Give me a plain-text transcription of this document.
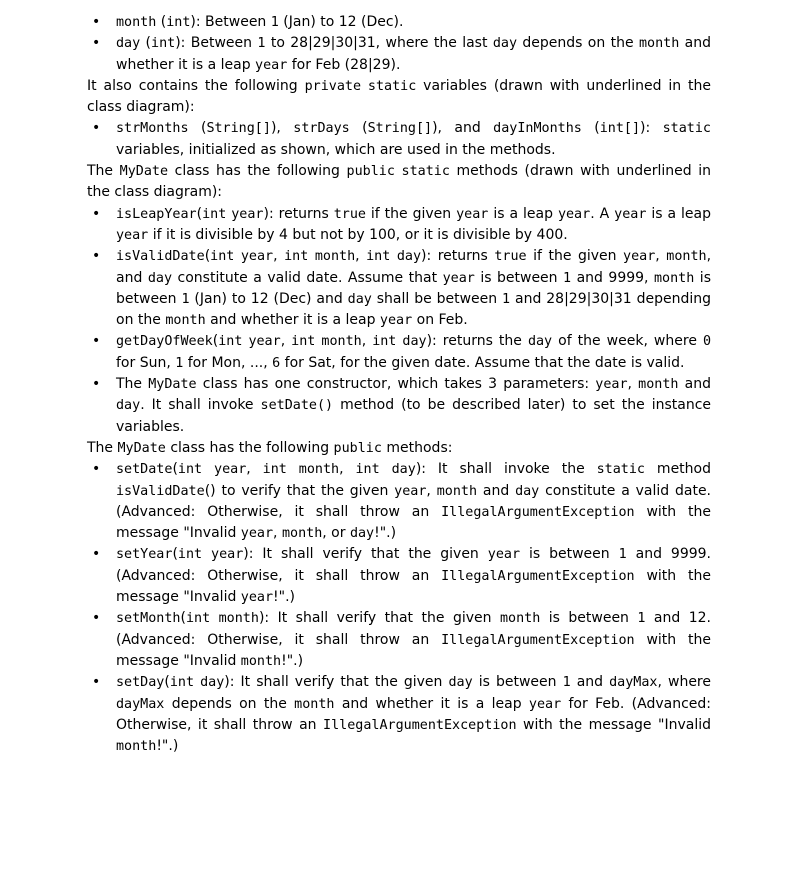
• month (int): Between 1 (Jan) to 12 (Dec).
• day (int): Between 1 to 28|29|30|31, where the last day depends on the month and whether it is a leap year for Feb (28|29).

It also contains the following private static variables (drawn with underlined in the class diagram):

• strMonths (String[]), strDays (String[]), and dayInMonths (int[]): static variables, initialized as shown, which are used in the methods.

The MyDate class has the following public static methods (drawn with underlined in the class diagram):

• isLeapYear(int year): returns true if the given year is a leap year. A year is a leap year if it is divisible by 4 but not by 100, or it is divisible by 400.
• isValidDate(int year, int month, int day): returns true if the given year, month, and day constitute a valid date. Assume that year is between 1 and 9999, month is between 1 (Jan) to 12 (Dec) and day shall be between 1 and 28|29|30|31 depending on the month and whether it is a leap year on Feb.
• getDayOfWeek(int year, int month, int day): returns the day of the week, where 0 for Sun, 1 for Mon, ..., 6 for Sat, for the given date. Assume that the date is valid.
• The MyDate class has one constructor, which takes 3 parameters: year, month and day. It shall invoke setDate() method (to be described later) to set the instance variables.

The MyDate class has the following public methods:

• setDate(int year, int month, int day): It shall invoke the static method isValidDate() to verify that the given year, month and day constitute a valid date. (Advanced: Otherwise, it shall throw an IllegalArgumentException with the message "Invalid year, month, or day!".)
• setYear(int year): It shall verify that the given year is between 1 and 9999. (Advanced: Otherwise, it shall throw an IllegalArgumentException with the message "Invalid year!".)
• setMonth(int month): It shall verify that the given month is between 1 and 12. (Advanced: Otherwise, it shall throw an IllegalArgumentException with the message "Invalid month!".)
• setDay(int day): It shall verify that the given day is between 1 and dayMax, where dayMax depends on the month and whether it is a leap year for Feb. (Advanced: Otherwise, it shall throw an IllegalArgumentException with the message "Invalid month!".)
